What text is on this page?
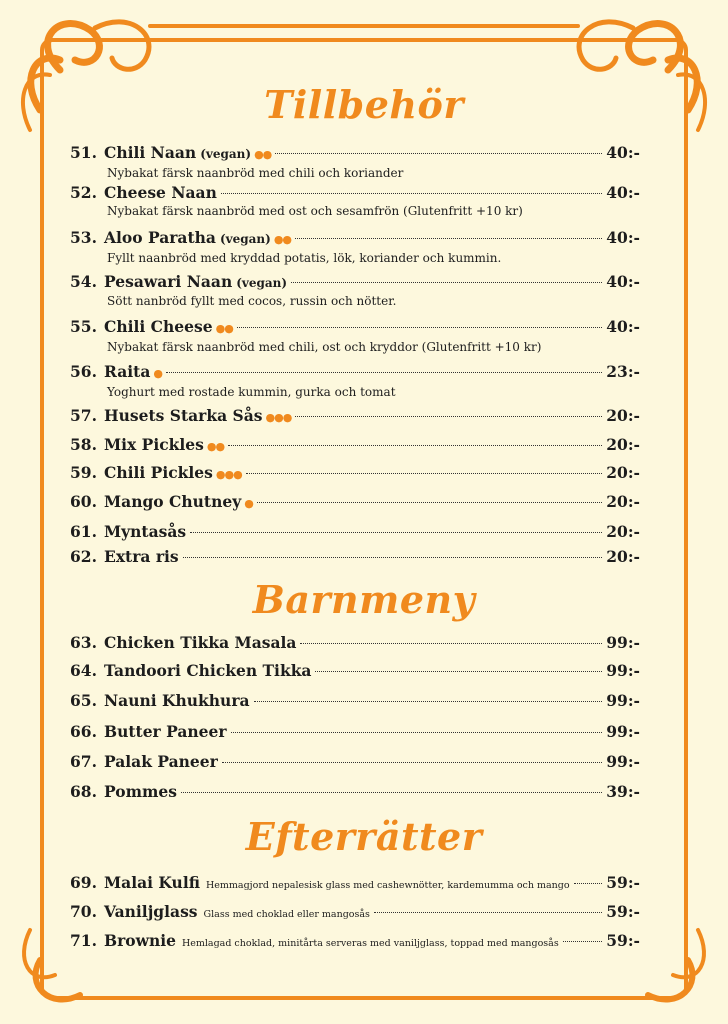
Tillbehör
Barnmeny
Efterrätter
51. Chili Naan (vegan) ●●	40:-
Nybakat färsk naanbröd med chili och koriander
52. Cheese Naan	40:-
Nybakat färsk naanbröd med ost och sesamfrön (Glutenfritt +10 kr)
53. Aloo Paratha (vegan) ●●	40:-
Fyllt naanbröd med kryddad potatis, lök, koriander och kummin.
54. Pesawari Naan (vegan)	40:-
Sött nanbröd fyllt med cocos, russin och nötter.
55. Chili Cheese ●●	40:-
Nybakat färsk naanbröd med chili, ost och kryddor (Glutenfritt +10 kr)
56. Raita ●	23:-
Yoghurt med rostade kummin, gurka och tomat
57. Husets Starka Sås ●●●	20:-
58. Mix Pickles ●●	20:-
59. Chili Pickles ●●●	20:-
60. Mango Chutney ●	20:-
61. Myntasås	20:-
62. Extra ris	20:-
63. Chicken Tikka Masala	99:-
64. Tandoori Chicken Tikka	99:-
65. Nauni Khukhura	99:-
66. Butter Paneer	99:-
67. Palak Paneer	99:-
68. Pommes	39:-
69. Malai Kulfi Hemmagjord nepalesisk glass med cashewnötter, kardemumma och mango 59:-
70. Vaniljglass Glass med choklad eller mangosås	59:-
71. Brownie Hemlagad choklad, minitårta serveras med vaniljglass, toppad med mangosås	59:-
